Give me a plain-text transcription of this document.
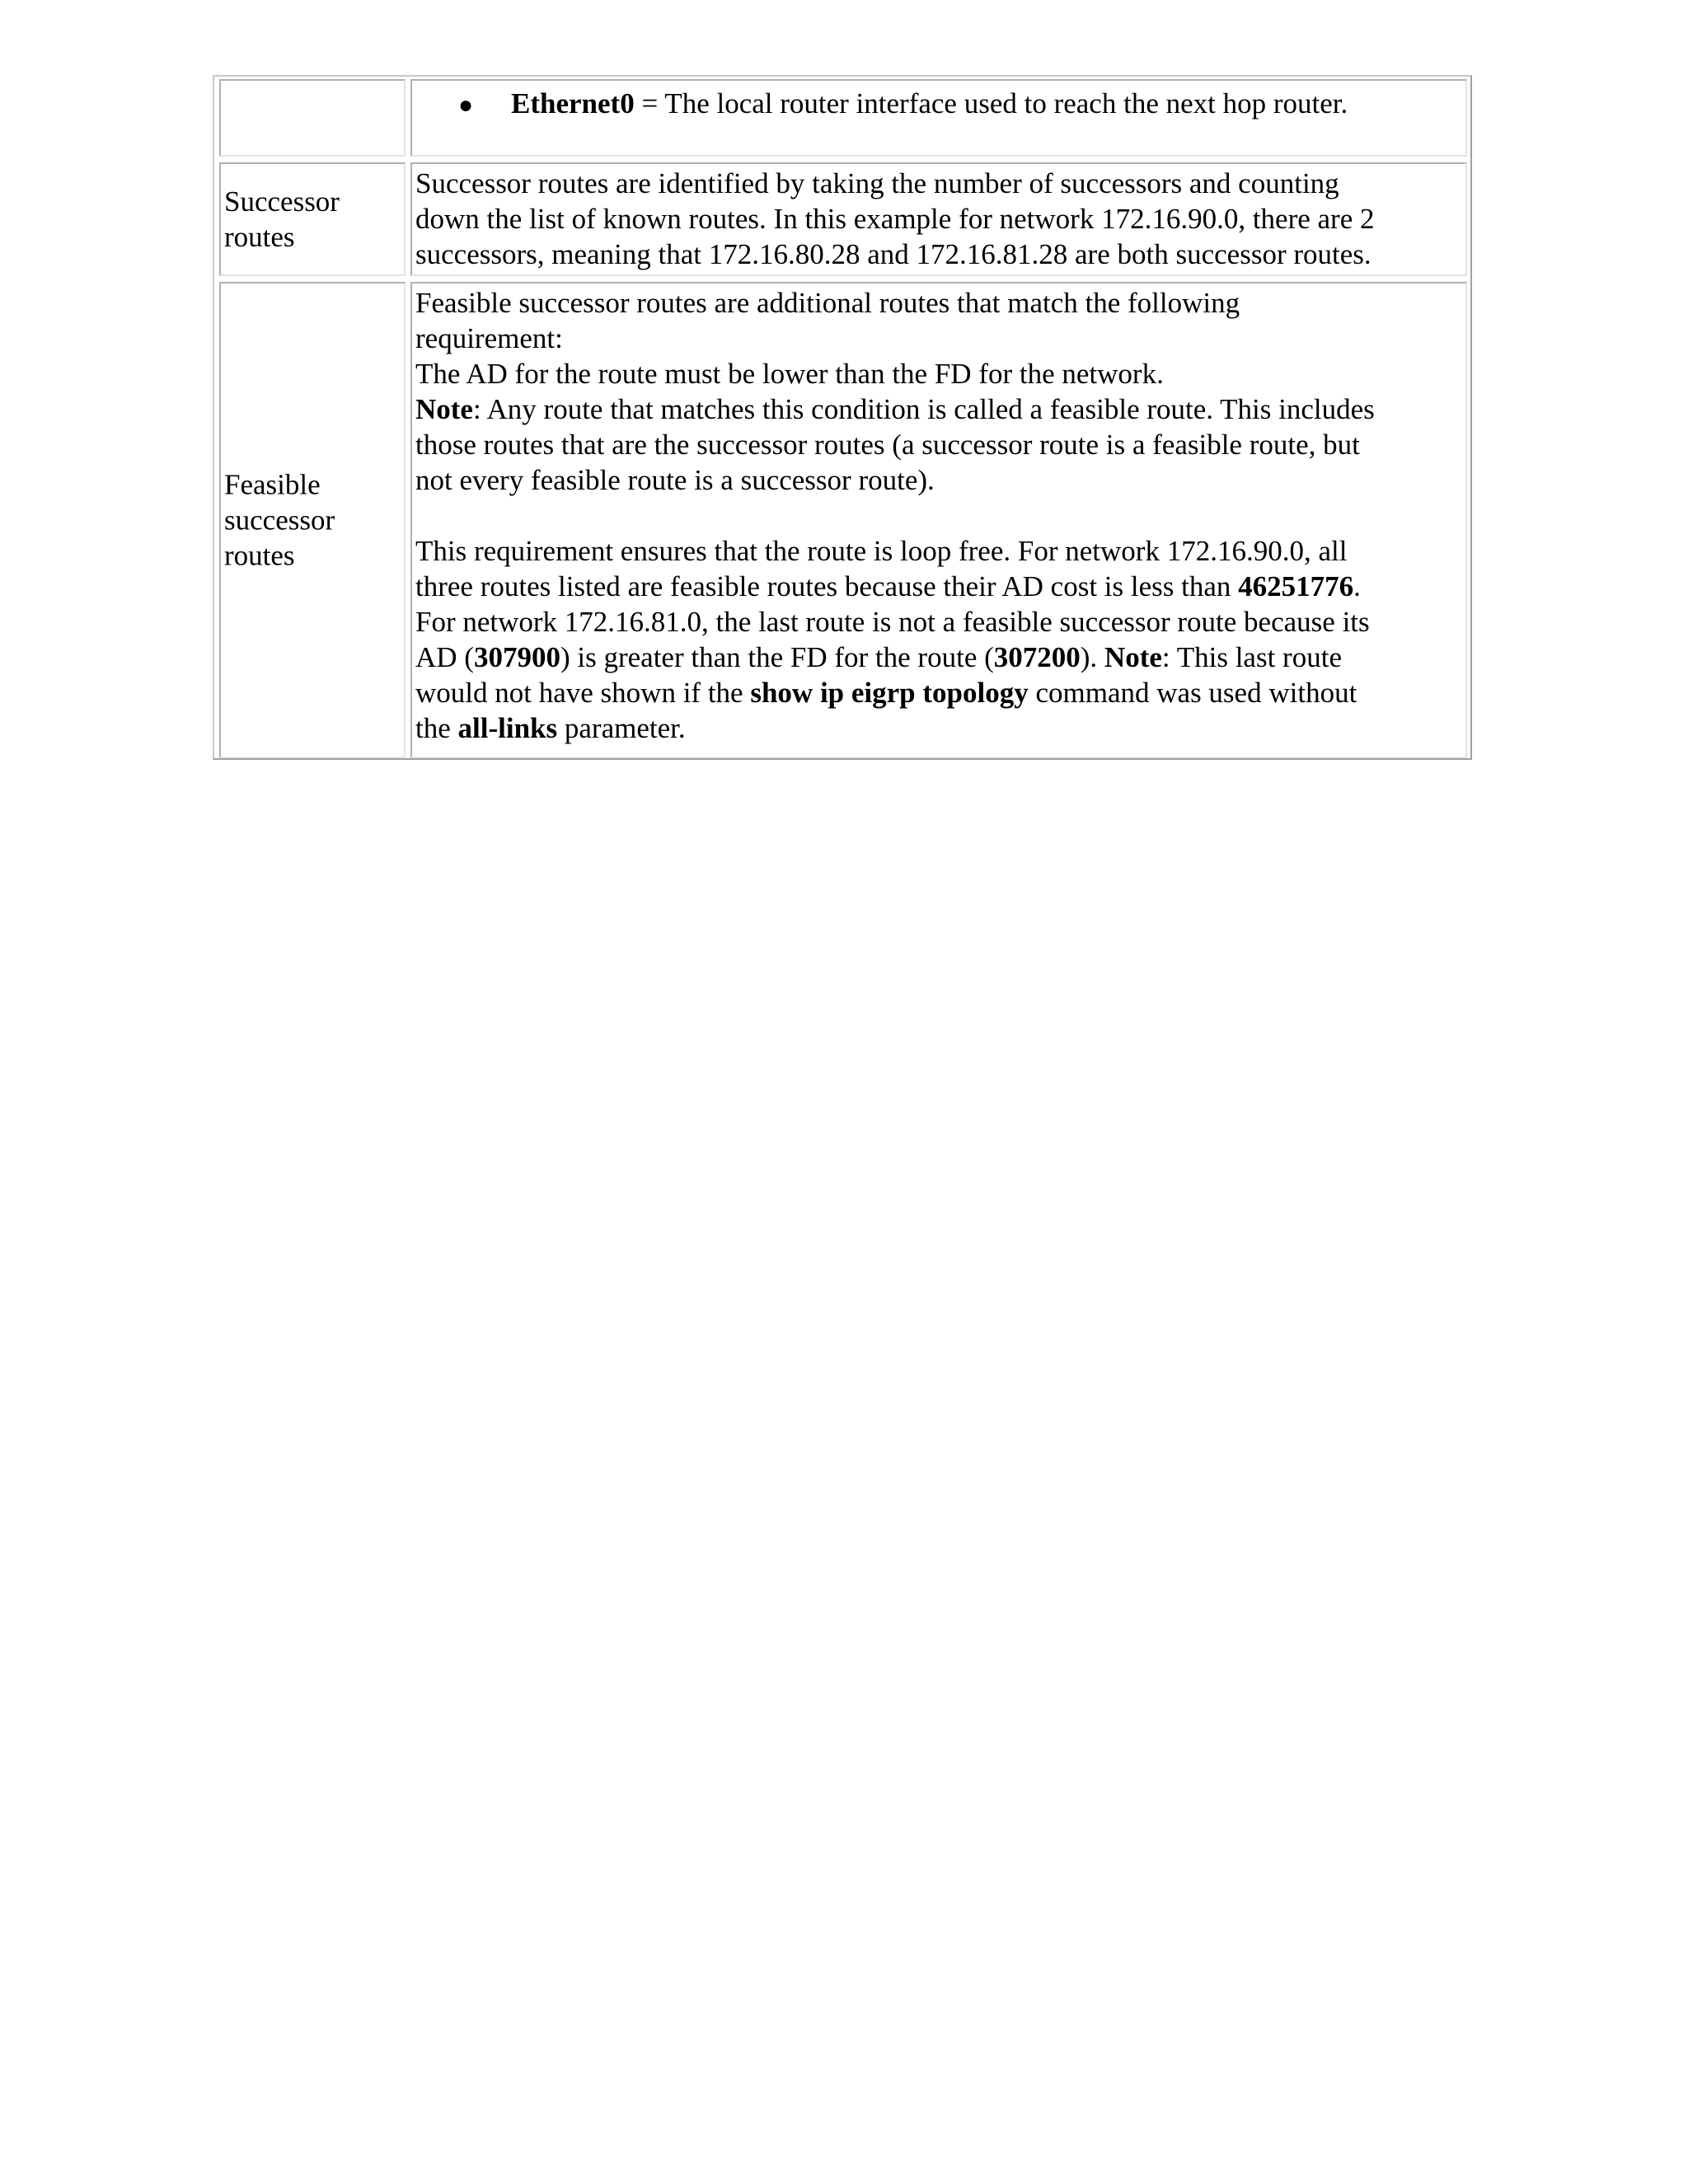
● Ethernet0 = The local router interface used to reach the next hop router.
Successor routes
Successor routes are identified by taking the number of successors and counting
down the list of known routes. In this example for network 172.16.90.0, there are 2
successors, meaning that 172.16.80.28 and 172.16.81.28 are both successor routes.
Feasible successor routes
Feasible successor routes are additional routes that match the following
requirement:
The AD for the route must be lower than the FD for the network.
Note: Any route that matches this condition is called a feasible route. This includes
those routes that are the successor routes (a successor route is a feasible route, but
not every feasible route is a successor route).
This requirement ensures that the route is loop free. For network 172.16.90.0, all
three routes listed are feasible routes because their AD cost is less than 46251776.
For network 172.16.81.0, the last route is not a feasible successor route because its
AD (307900) is greater than the FD for the route (307200). Note: This last route
would not have shown if the show ip eigrp topology command was used without
the all-links parameter.
